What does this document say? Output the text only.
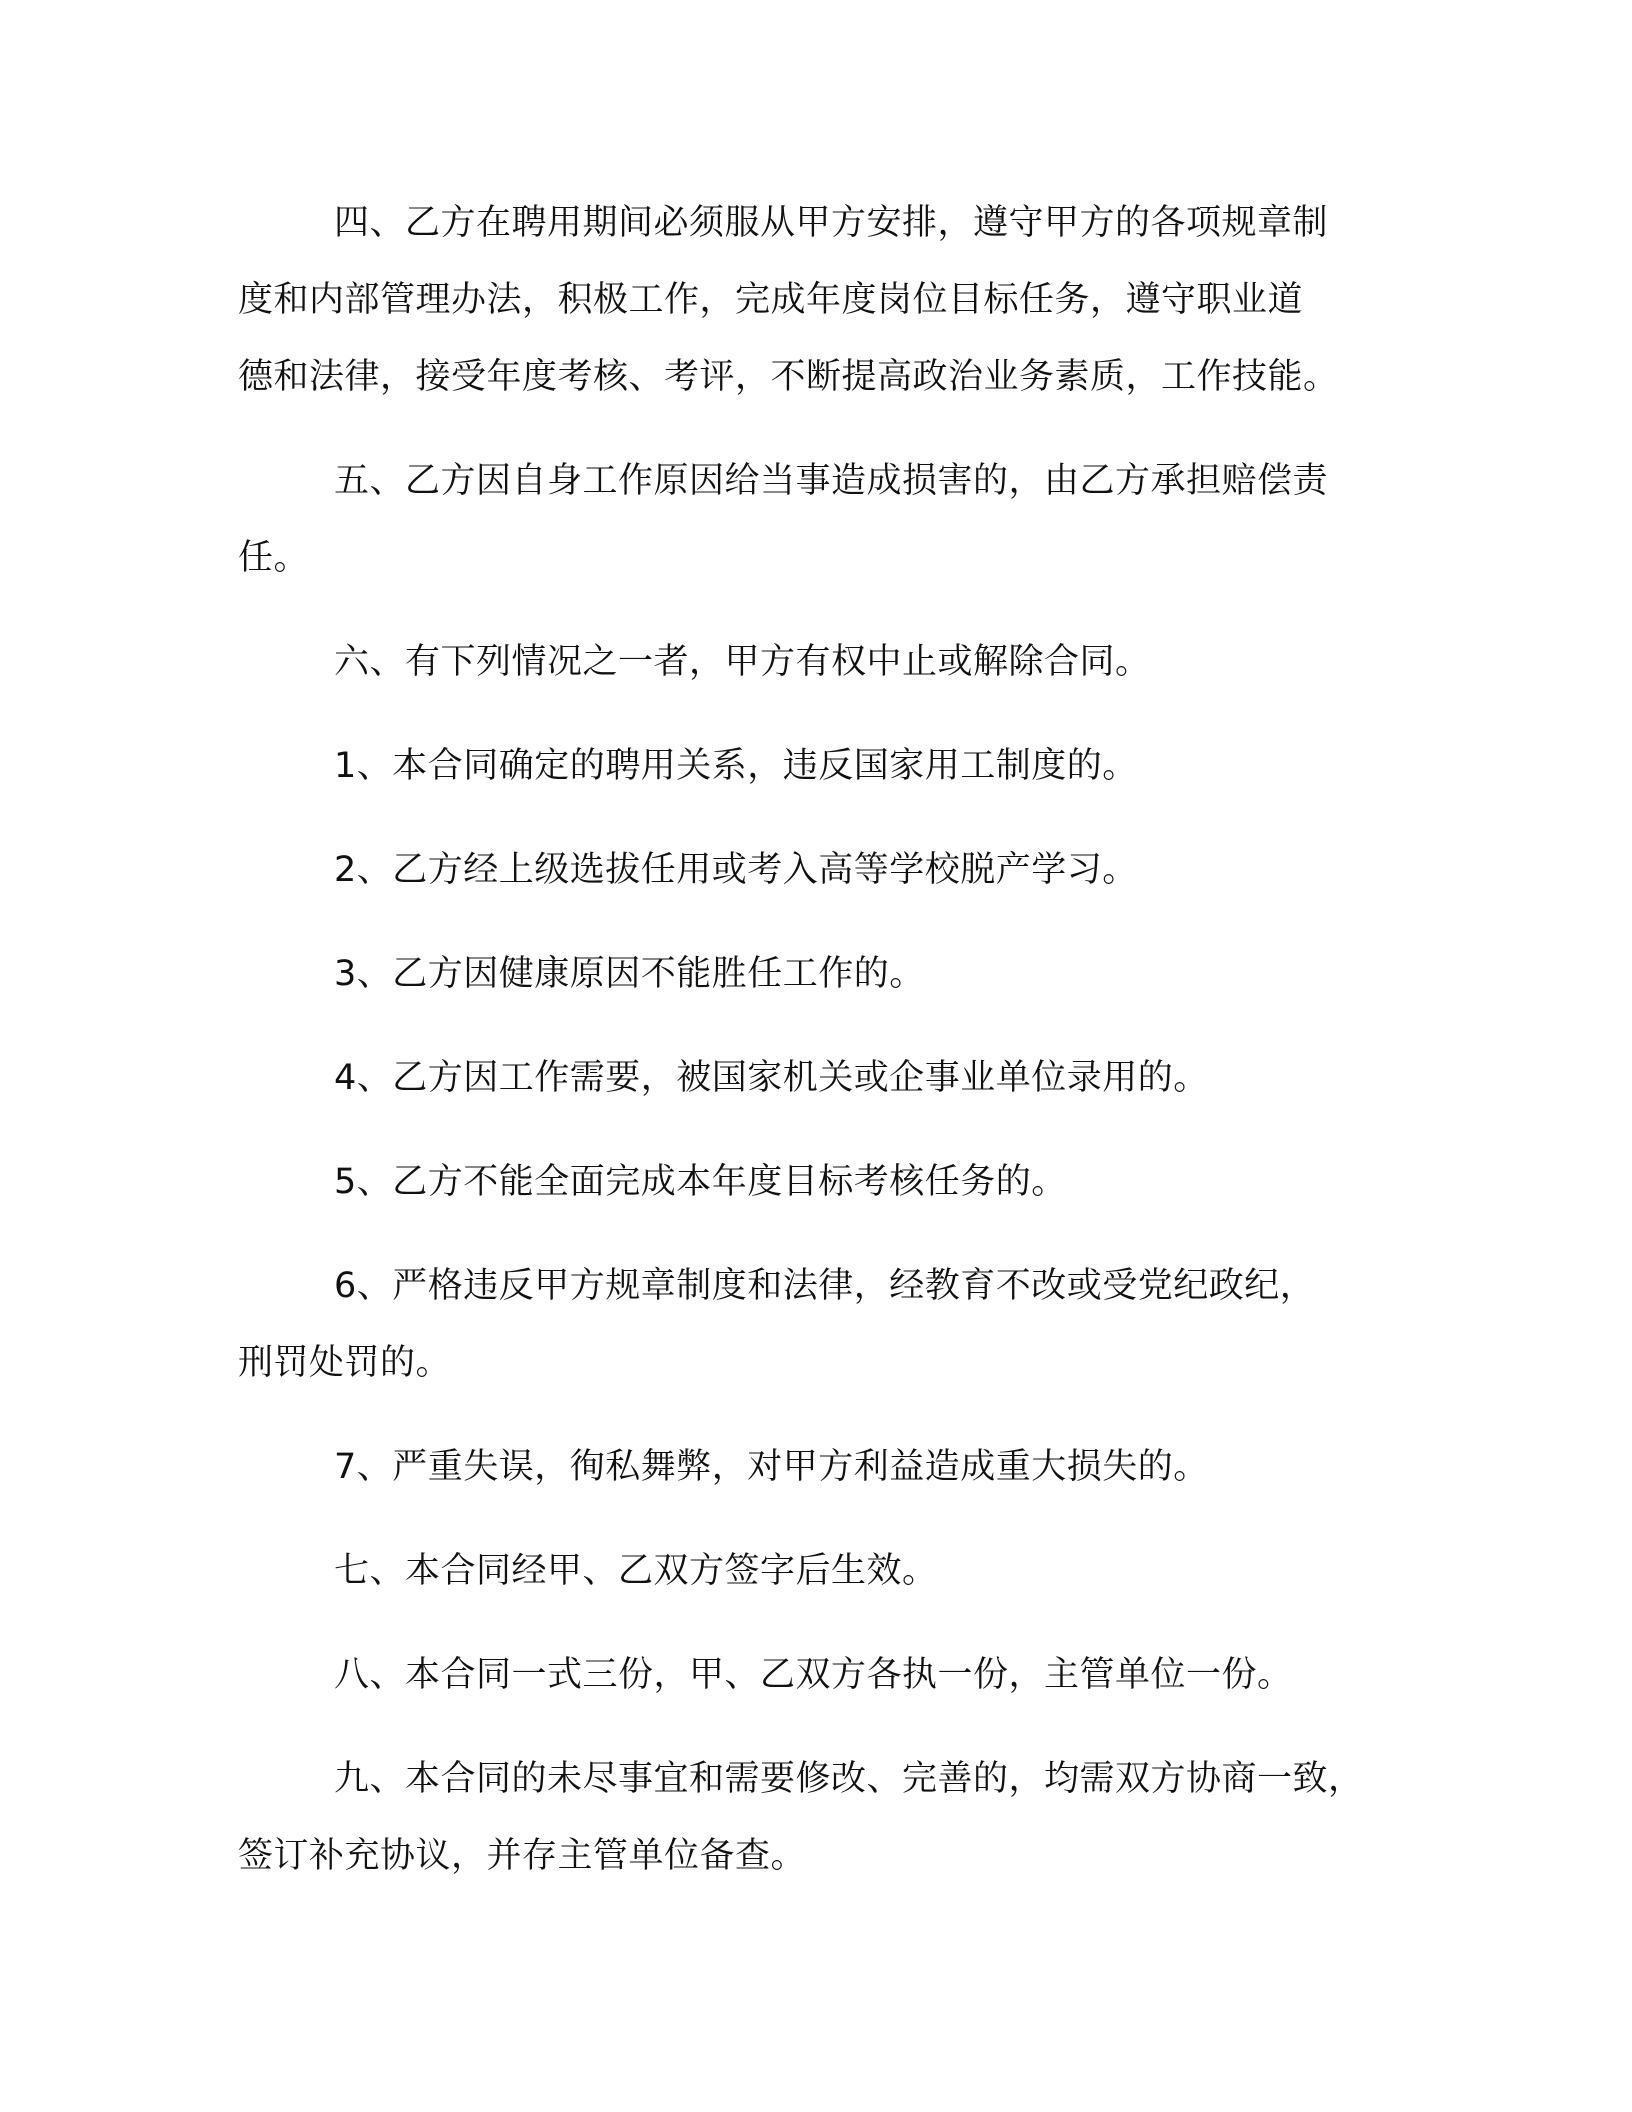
四、乙方在聘用期间必须服从甲方安排，遵守甲方的各项规章制
度和内部管理办法，积极工作，完成年度岗位目标任务，遵守职业道
德和法律，接受年度考核、考评，不断提高政治业务素质，工作技能。

五、乙方因自身工作原因给当事造成损害的，由乙方承担赔偿责
任。

六、有下列情况之一者，甲方有权中止或解除合同。

1、本合同确定的聘用关系，违反国家用工制度的。

2、乙方经上级选拔任用或考入高等学校脱产学习。

3、乙方因健康原因不能胜任工作的。

4、乙方因工作需要，被国家机关或企事业单位录用的。

5、乙方不能全面完成本年度目标考核任务的。

6、严格违反甲方规章制度和法律，经教育不改或受党纪政纪，
刑罚处罚的。

7、严重失误，徇私舞弊，对甲方利益造成重大损失的。

七、本合同经甲、乙双方签字后生效。

八、本合同一式三份，甲、乙双方各执一份，主管单位一份。

九、本合同的未尽事宜和需要修改、完善的，均需双方协商一致，
签订补充协议，并存主管单位备查。
